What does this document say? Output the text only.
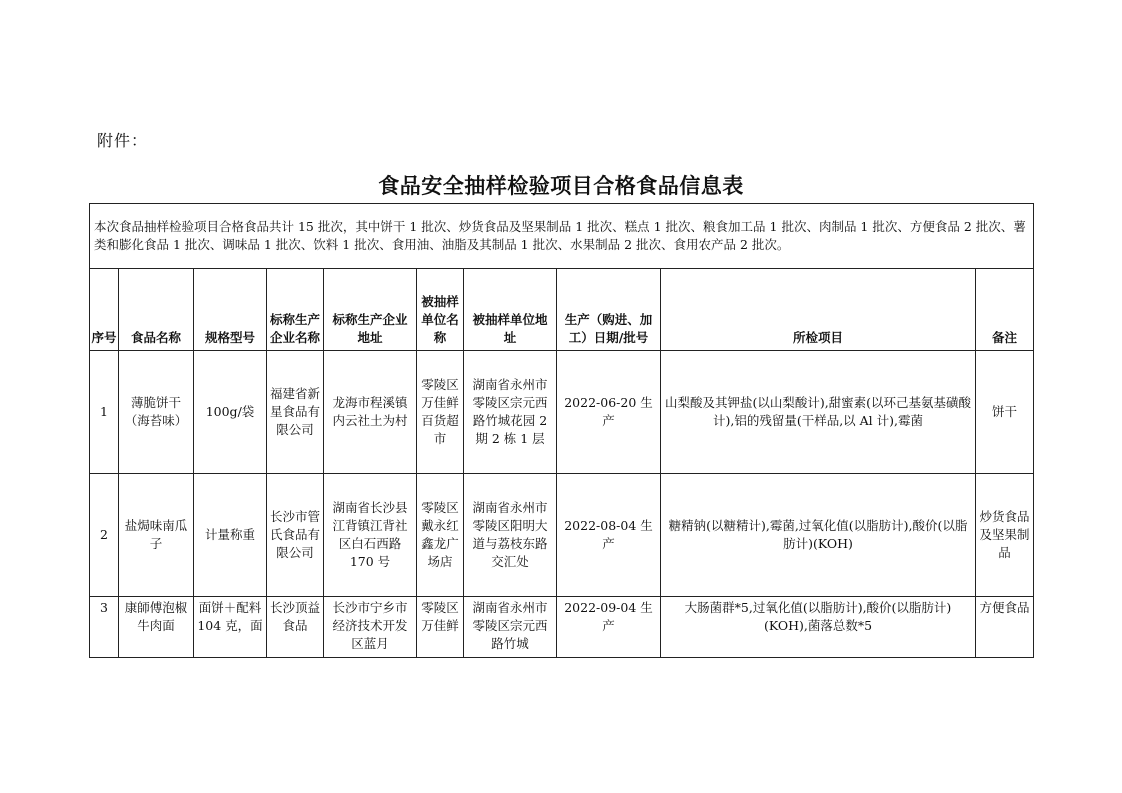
附件：
食品安全抽样检验项目合格食品信息表
本次食品抽样检验项目合格食品共计 15 批次，其中饼干 1 批次、炒货食品及坚果制品 1 批次、糕点 1 批次、粮食加工品 1 批次、肉制品 1 批次、方便食品 2 批次、薯类和膨化食品 1 批次、调味品 1 批次、饮料 1 批次、食用油、油脂及其制品 1 批次、水果制品 2 批次、食用农产品 2 批次。									
序号	食品名称	规格型号	标称生产企业名称	标称生产企业地址	被抽样单位名称	被抽样单位地址	生产（购进、加工）日期/批号	所检项目	备注
1	薄脆饼干（海苔味）	100g/袋	福建省新星食品有限公司	龙海市程溪镇内云社土为村	零陵区万佳鲜百货超市	湖南省永州市零陵区宗元西路竹城花园 2 期 2 栋 1 层	2022-06-20 生产	山梨酸及其钾盐(以山梨酸计),甜蜜素(以环己基氨基磺酸计),铝的残留量(干样品,以 Al 计),霉菌	饼干
2	盐焗味南瓜子	计量称重	长沙市管氏食品有限公司	湖南省长沙县江背镇江背社区白石西路 170 号	零陵区戴永红鑫龙广场店	湖南省永州市零陵区阳明大道与荔枝东路交汇处	2022-08-04 生产	糖精钠(以糖精计),霉菌,过氧化值(以脂肪计),酸价(以脂肪计)(KOH)	炒货食品及坚果制品
3	康師傅泡椒牛肉面	面饼＋配料 104 克，面	长沙顶益食品	长沙市宁乡市经济技术开发区蓝月	零陵区万佳鲜	湖南省永州市零陵区宗元西路竹城	2022-09-04 生产	大肠菌群*5,过氧化值(以脂肪计),酸价(以脂肪计)(KOH),菌落总数*5	方便食品
